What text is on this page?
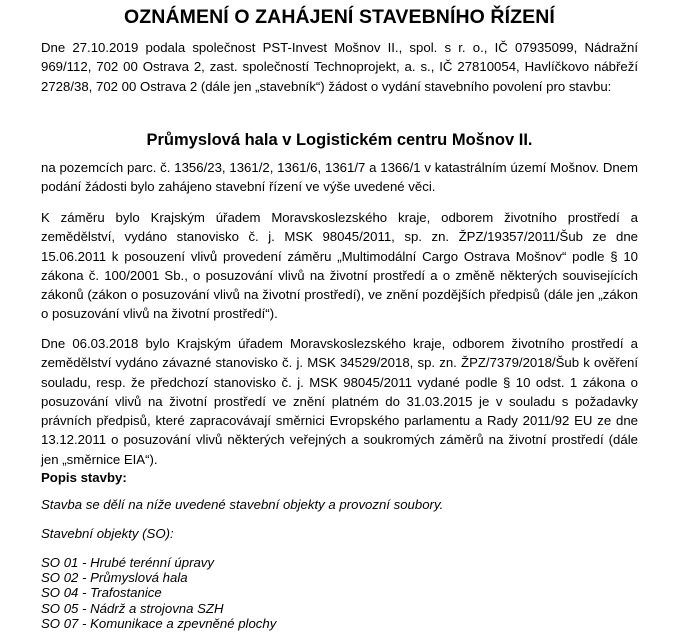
OZNÁMENÍ O ZAHÁJENÍ STAVEBNÍHO ŘÍZENÍ

Dne 27.10.2019 podala společnost PST-Invest Mošnov II., spol. s r. o., IČ 07935099, Nádražní 969/112, 702 00 Ostrava 2, zast. společností Technoprojekt, a. s., IČ 27810054, Havlíčkovo nábřeží 2728/38, 702 00 Ostrava 2 (dále jen „stavebník“) žádost o vydání stavebního povolení pro stavbu:

Průmyslová hala v Logistickém centru Mošnov II.

na pozemcích parc. č. 1356/23, 1361/2, 1361/6, 1361/7 a 1366/1 v katastrálním území Mošnov. Dnem podání žádosti bylo zahájeno stavební řízení ve výše uvedené věci.

K záměru bylo Krajským úřadem Moravskoslezského kraje, odborem životního prostředí a zemědělství, vydáno stanovisko č. j. MSK 98045/2011, sp. zn. ŽPZ/19357/2011/Šub ze dne 15.06.2011 k posouzení vlivů provedení záměru „Multimodální Cargo Ostrava Mošnov“ podle § 10 zákona č. 100/2001 Sb., o posuzování vlivů na životní prostředí a o změně některých souvisejících zákonů (zákon o posuzování vlivů na životní prostředí), ve znění pozdějších předpisů (dále jen „zákon o posuzování vlivů na životní prostředí“).

Dne 06.03.2018 bylo Krajským úřadem Moravskoslezského kraje, odborem životního prostředí a zemědělství vydáno závazné stanovisko č. j. MSK 34529/2018, sp. zn. ŽPZ/7379/2018/Šub k ověření souladu, resp. že předchozí stanovisko č. j. MSK 98045/2011 vydané podle § 10 odst. 1 zákona o posuzování vlivů na životní prostředí ve znění platném do 31.03.2015 je v souladu s požadavky právních předpisů, které zapracovávají směrnici Evropského parlamentu a Rady 2011/92 EU ze dne 13.12.2011 o posuzování vlivů některých veřejných a soukromých záměrů na životní prostředí (dále jen „směrnice EIA“).

Popis stavby:
Stavba se dělí na níže uvedené stavební objekty a provozní soubory.
Stavební objekty (SO):
SO 01 - Hrubé terénní úpravy
SO 02 - Průmyslová hala
SO 04 - Trafostanice
SO 05 - Nádrž a strojovna SZH
SO 07 - Komunikace a zpevněné plochy
